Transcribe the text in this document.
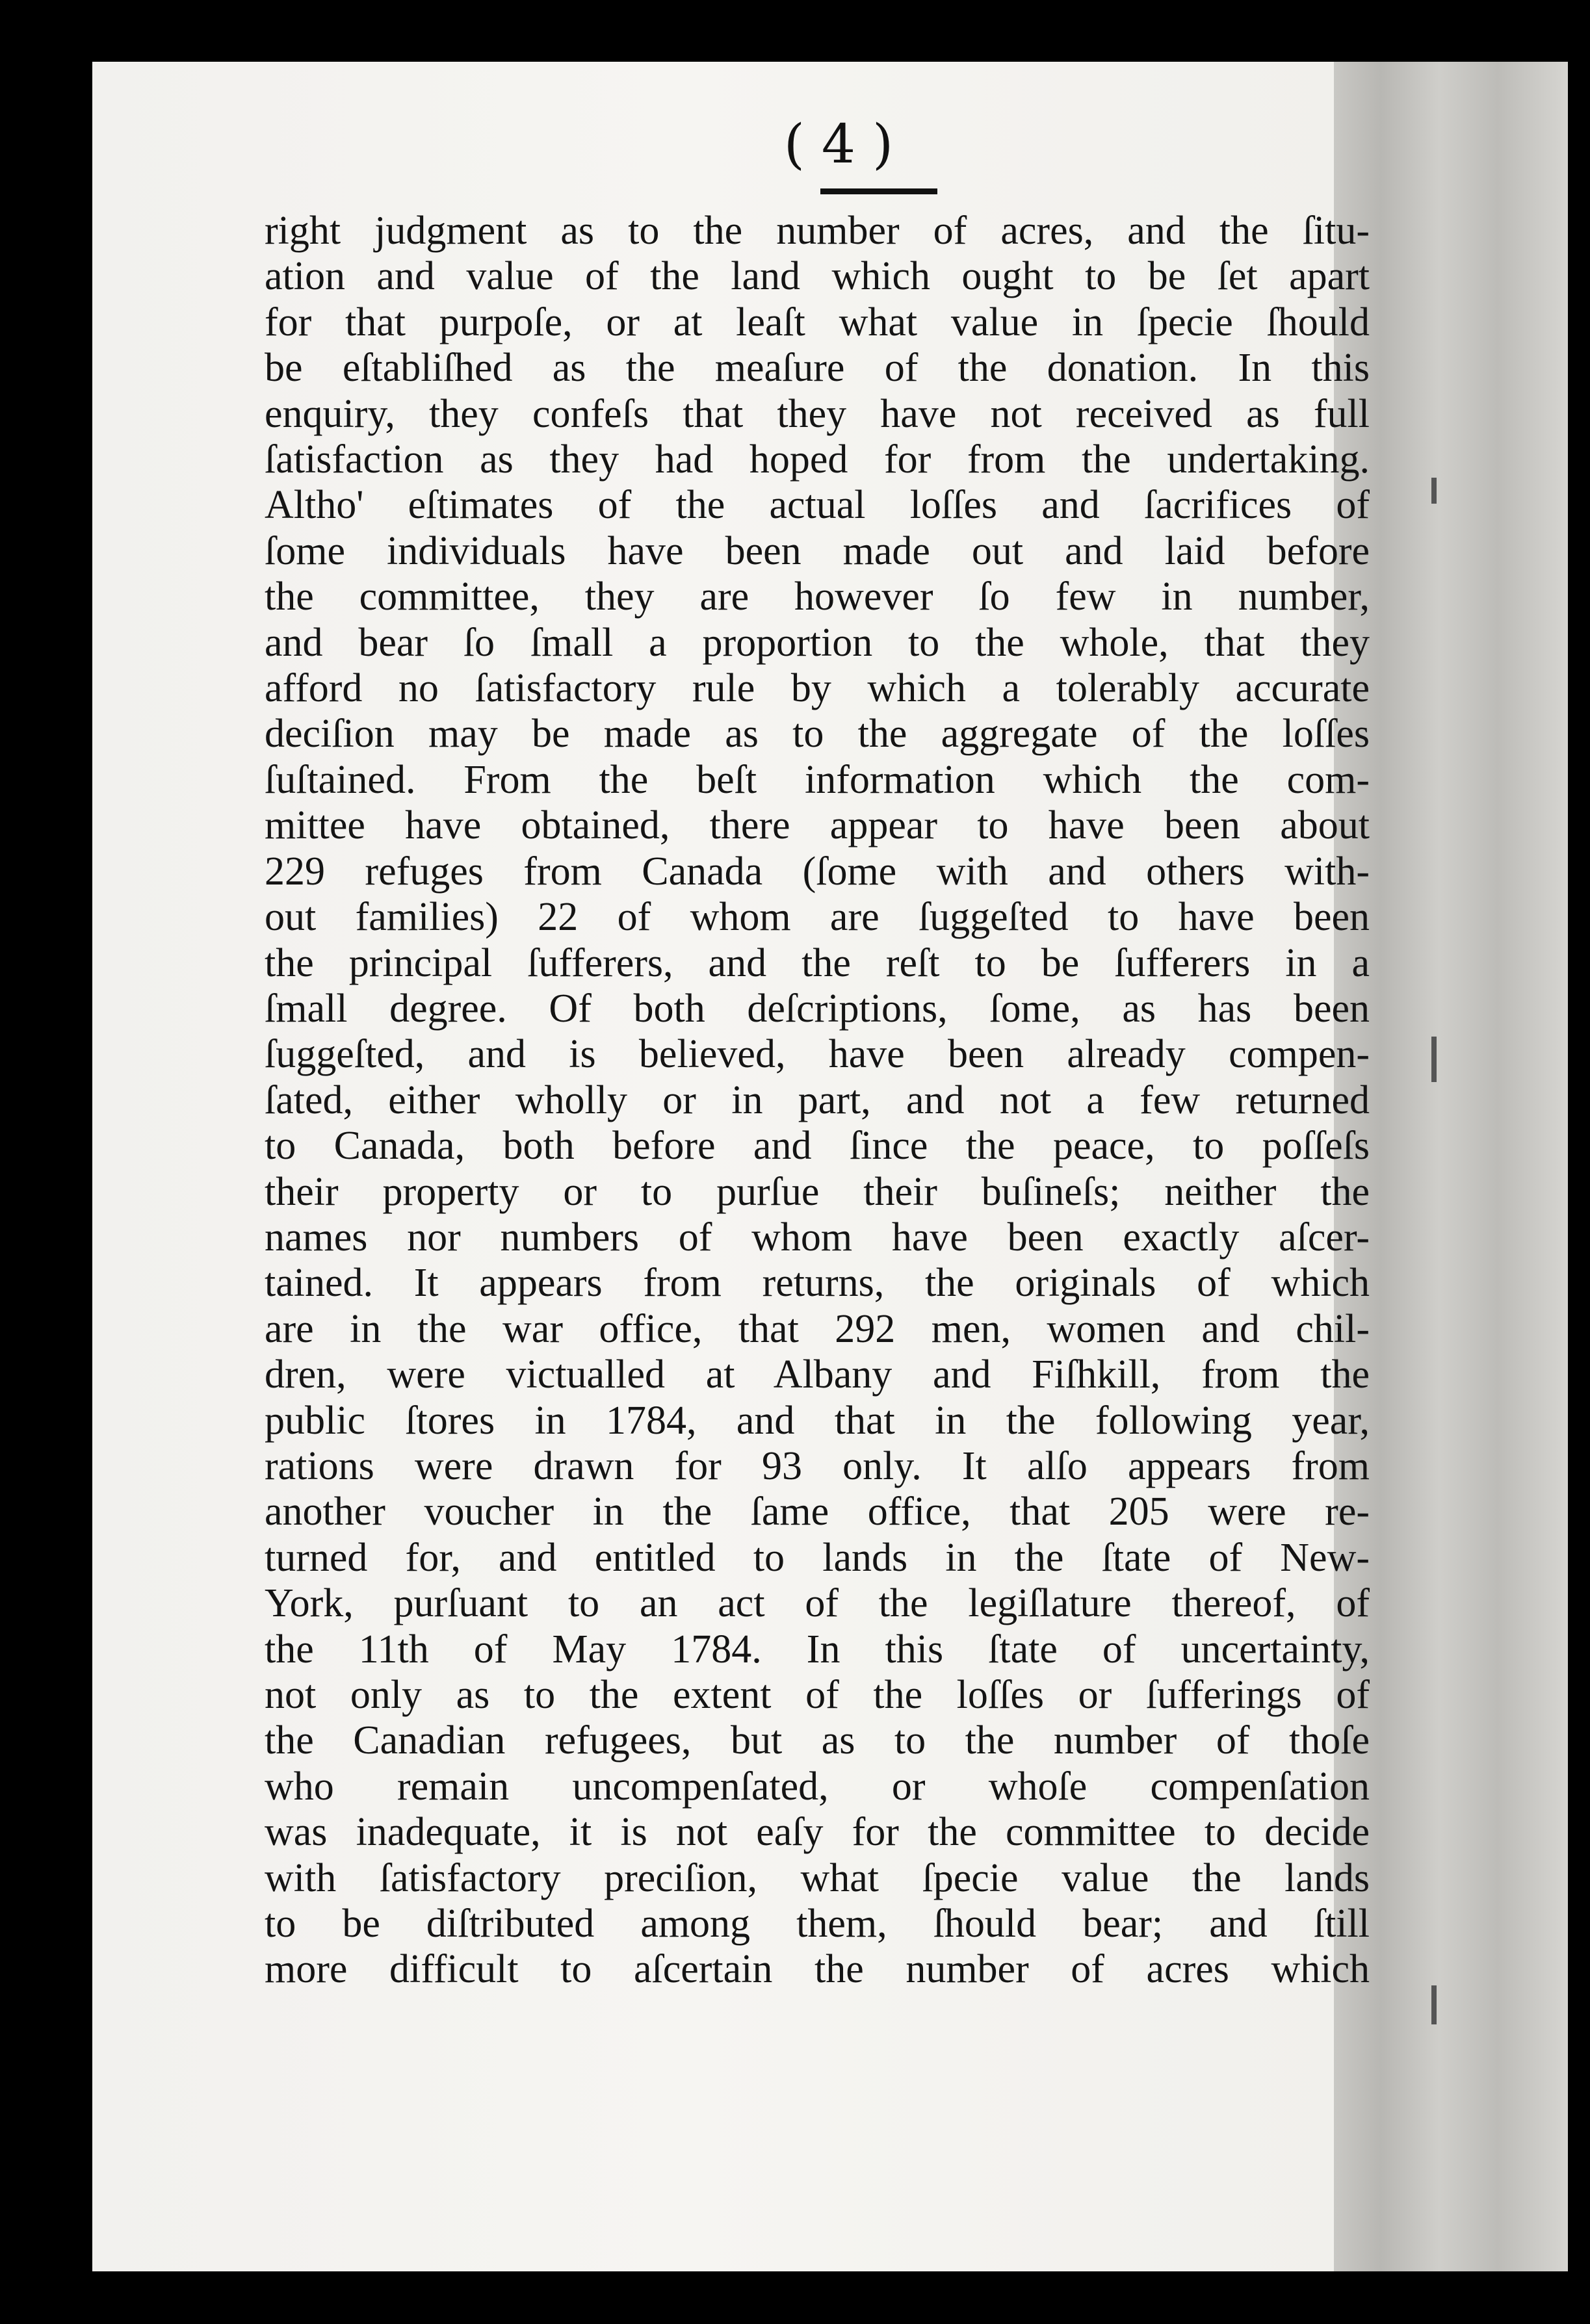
( 4 )
right judgment as to the number of acres, and the ſitu-
ation and value of the land which ought to be ſet apart
for that purpoſe, or at leaſt what value in ſpecie ſhould
be eſtabliſhed as the meaſure of the donation. In this
enquiry, they confeſs that they have not received as full
ſatisfaction as they had hoped for from the undertaking.
Altho' eſtimates of the actual loſſes and ſacrifices of
ſome individuals have been made out and laid before
the committee, they are however ſo few in number,
and bear ſo ſmall a proportion to the whole, that they
afford no ſatisfactory rule by which a tolerably accurate
deciſion may be made as to the aggregate of the loſſes
ſuſtained. From the beſt information which the com-
mittee have obtained, there appear to have been about
229 refuges from Canada (ſome with and others with-
out families) 22 of whom are ſuggeſted to have been
the principal ſufferers, and the reſt to be ſufferers in a
ſmall degree. Of both deſcriptions, ſome, as has been
ſuggeſted, and is believed, have been already compen-
ſated, either wholly or in part, and not a few returned
to Canada, both before and ſince the peace, to poſſeſs
their property or to purſue their buſineſs; neither the
names nor numbers of whom have been exactly aſcer-
tained. It appears from returns, the originals of which
are in the war office, that 292 men, women and chil-
dren, were victualled at Albany and Fiſhkill, from the
public ſtores in 1784, and that in the following year,
rations were drawn for 93 only. It alſo appears from
another voucher in the ſame office, that 205 were re-
turned for, and entitled to lands in the ſtate of New-
York, purſuant to an act of the legiſlature thereof, of
the 11th of May 1784. In this ſtate of uncertainty,
not only as to the extent of the loſſes or ſufferings of
the Canadian refugees, but as to the number of thoſe
who remain uncompenſated, or whoſe compenſation
was inadequate, it is not eaſy for the committee to decide
with ſatisfactory preciſion, what ſpecie value the lands
to be diſtributed among them, ſhould bear; and ſtill
more difficult to aſcertain the number of acres which
